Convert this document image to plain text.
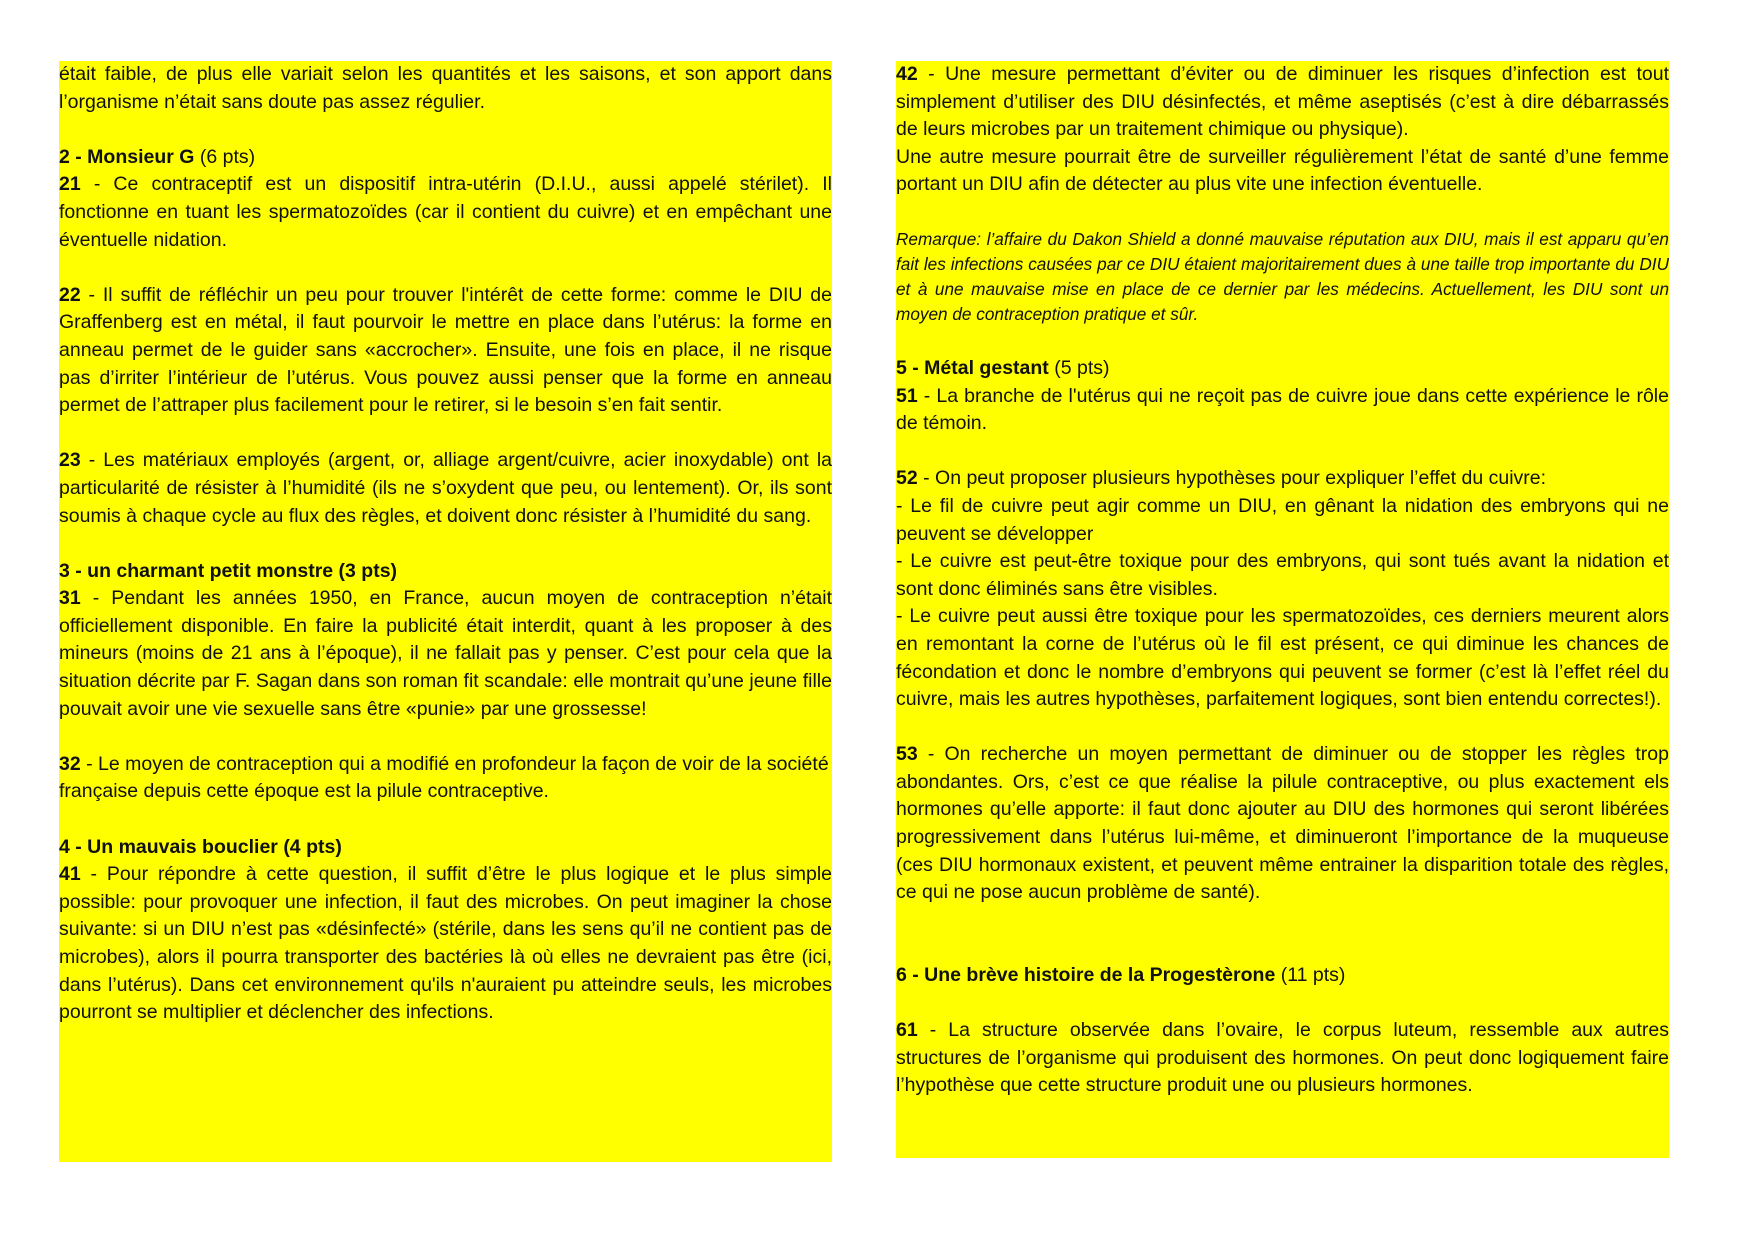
était faible, de plus elle variait selon les quantités et les saisons, et son apport dans l’organisme n’était sans doute pas assez régulier.

2 - Monsieur G (6 pts)

21 - Ce contraceptif est un dispositif intra-utérin (D.I.U., aussi appelé stérilet). Il fonctionne en tuant les spermatozoïdes (car il contient du cuivre) et en empêchant une éventuelle nidation.

22 - Il suffit de réfléchir un peu pour trouver l'intérêt de cette forme: comme le DIU de Graffenberg est en métal, il faut pourvoir le mettre en place dans l’utérus: la forme en anneau permet de le guider sans «accrocher». Ensuite, une fois en place, il ne risque pas d’irriter l’intérieur de l’utérus. Vous pouvez aussi penser que la forme en anneau permet de l’attraper plus facilement pour le retirer, si le besoin s’en fait sentir.

23 - Les matériaux employés (argent, or, alliage argent/cuivre, acier inoxydable) ont la particularité de résister à l’humidité (ils ne s’oxydent que peu, ou lentement). Or, ils sont soumis à chaque cycle au flux des règles, et doivent donc résister à l’humidité du sang.

3 - un charmant petit monstre (3 pts)

31 - Pendant les années 1950, en France, aucun moyen de contraception n’était officiellement disponible. En faire la publicité était interdit, quant à les proposer à des mineurs (moins de 21 ans à l’époque), il ne fallait pas y penser. C’est pour cela que la situation décrite par F. Sagan dans son roman fit scandale: elle montrait qu’une jeune fille pouvait avoir une vie sexuelle sans être «punie» par une grossesse!

32 - Le moyen de contraception qui a modifié en profondeur la façon de voir de la société française depuis cette époque est la pilule contraceptive.

4 - Un mauvais bouclier (4 pts)

41 - Pour répondre à cette question, il suffit d’être le plus logique et le plus simple possible: pour provoquer une infection, il faut des microbes. On peut imaginer la chose suivante: si un DIU n’est pas «désinfecté» (stérile, dans les sens qu’il ne contient pas de microbes), alors il pourra transporter des bactéries là où elles ne devraient pas être (ici, dans l’utérus). Dans cet environnement qu'ils n'auraient pu atteindre seuls, les microbes pourront se multiplier et déclencher des infections.

42 - Une mesure permettant d’éviter ou de diminuer les risques d’infection est tout simplement d’utiliser des DIU désinfectés, et même aseptisés (c’est à dire débarrassés de leurs microbes par un traitement chimique ou physique).

Une autre mesure pourrait être de surveiller régulièrement l’état de santé d’une femme portant un DIU afin de détecter au plus vite une infection éventuelle.

Remarque: l’affaire du Dakon Shield a donné mauvaise réputation aux DIU, mais il est apparu qu’en fait les infections causées par ce DIU étaient majoritairement dues à une taille trop importante du DIU et à une mauvaise mise en place de ce dernier par les médecins. Actuellement, les DIU sont un moyen de contraception pratique et sûr.

5 - Métal gestant (5 pts)

51 - La branche de l'utérus qui ne reçoit pas de cuivre joue dans cette expérience le rôle de témoin.

52 - On peut proposer plusieurs hypothèses pour expliquer l’effet du cuivre:

- Le fil de cuivre peut agir comme un DIU, en gênant la nidation des embryons qui ne peuvent se développer

- Le cuivre est peut-être toxique pour des embryons, qui sont tués avant la nidation et sont donc éliminés sans être visibles.

- Le cuivre peut aussi être toxique pour les spermatozoïdes, ces derniers meurent alors en remontant la corne de l’utérus où le fil est présent, ce qui diminue les chances de fécondation et donc le nombre d’embryons qui peuvent se former (c’est là l’effet réel du cuivre, mais les autres hypothèses, parfaitement logiques, sont bien entendu correctes!).

53 - On recherche un moyen permettant de diminuer ou de stopper les règles trop abondantes. Ors, c’est ce que réalise la pilule contraceptive, ou plus exactement els hormones qu’elle apporte: il faut donc ajouter au DIU des hormones qui seront libérées progressivement dans l’utérus lui-même, et diminueront l’importance de la muqueuse (ces DIU hormonaux existent, et peuvent même entrainer la disparition totale des règles, ce qui ne pose aucun problème de santé).

6 - Une brève histoire de la Progestèrone (11 pts)

61 - La structure observée dans l’ovaire, le corpus luteum, ressemble aux autres structures de l’organisme qui produisent des hormones. On peut donc logiquement faire l’hypothèse que cette structure produit une ou plusieurs hormones.
